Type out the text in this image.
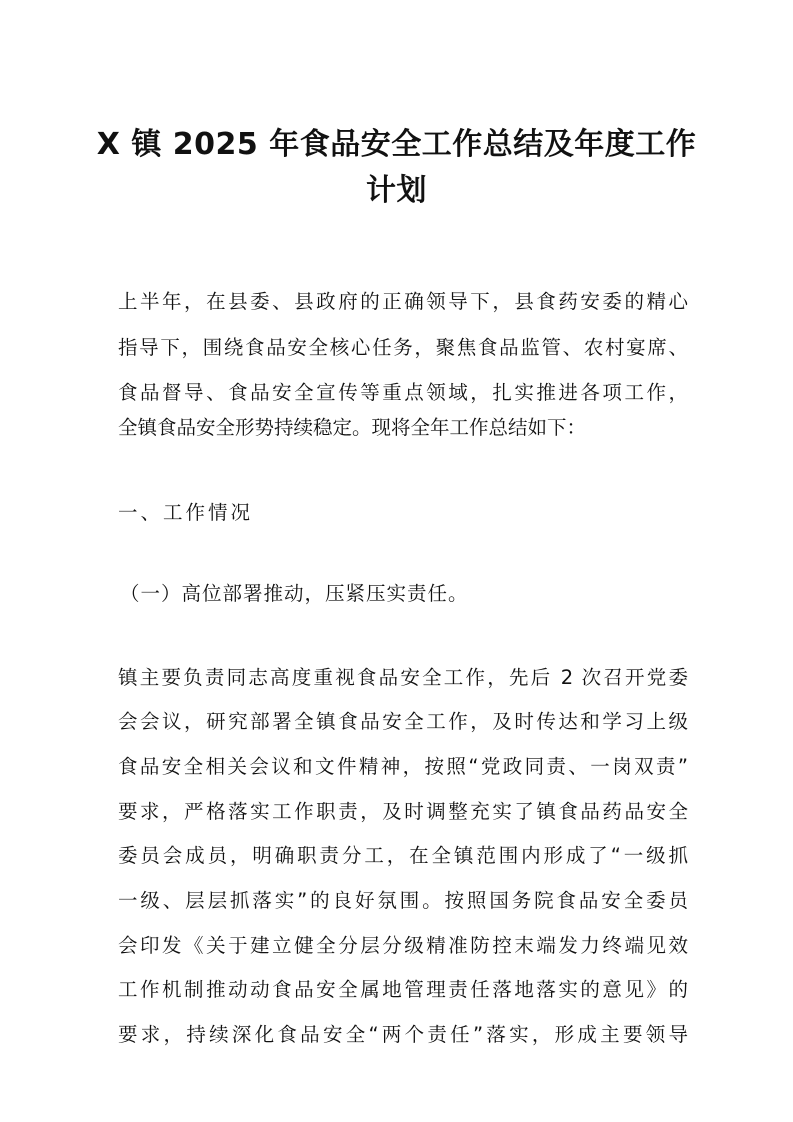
X 镇 2025 年食品安全工作总结及年度工作
计划
上半年，在县委、县政府的正确领导下，县食药安委的精心
指导下，围绕食品安全核心任务，聚焦食品监管、农村宴席、
食品督导、食品安全宣传等重点领域，扎实推进各项工作，
全镇食品安全形势持续稳定。现将全年工作总结如下：
一、工作情况
（一）高位部署推动，压紧压实责任。
镇主要负责同志高度重视食品安全工作，先后 2 次召开党委
会会议，研究部署全镇食品安全工作，及时传达和学习上级
食品安全相关会议和文件精神，按照“党政同责、一岗双责”
要求，严格落实工作职责，及时调整充实了镇食品药品安全
委员会成员，明确职责分工，在全镇范围内形成了“一级抓
一级、层层抓落实”的良好氛围。按照国务院食品安全委员
会印发《关于建立健全分层分级精准防控末端发力终端见效
工作机制推动动食品安全属地管理责任落地落实的意见》的
要求，持续深化食品安全“两个责任”落实，形成主要领导
